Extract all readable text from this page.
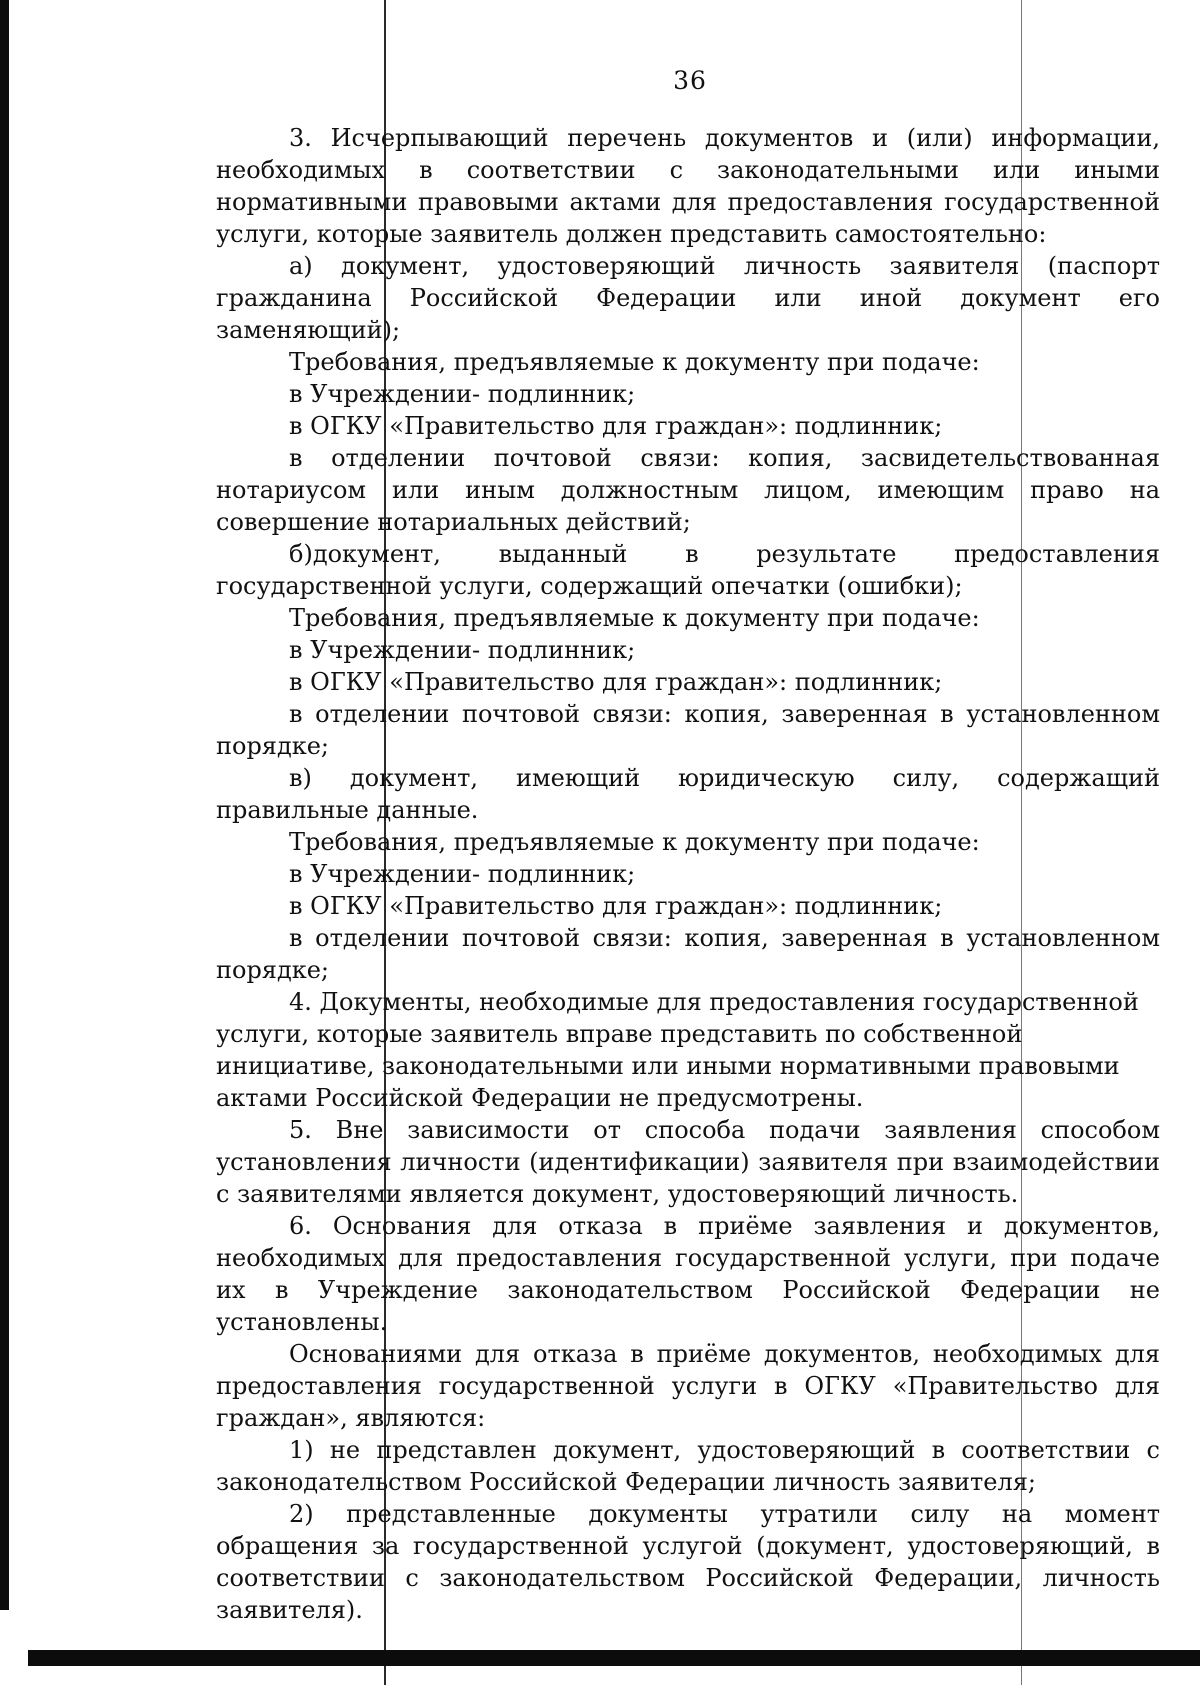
36

3. Исчерпывающий перечень документов и (или) информации, необходимых в соответствии с законодательными или иными нормативными правовыми актами для предоставления государственной услуги, которые заявитель должен представить самостоятельно:

а) документ, удостоверяющий личность заявителя (паспорт гражданина Российской Федерации или иной документ его заменяющий);

Требования, предъявляемые к документу при подаче:

в Учреждении- подлинник;

в ОГКУ «Правительство для граждан»: подлинник;

в отделении почтовой связи: копия, засвидетельствованная нотариусом или иным должностным лицом, имеющим право на совершение нотариальных действий;

б)документ, выданный в результате предоставления государственной услуги, содержащий опечатки (ошибки);

Требования, предъявляемые к документу при подаче:

в Учреждении- подлинник;

в ОГКУ «Правительство для граждан»: подлинник;

в отделении почтовой связи: копия, заверенная в установленном порядке;

в) документ, имеющий юридическую силу, содержащий правильные данные.

Требования, предъявляемые к документу при подаче:

в Учреждении- подлинник;

в ОГКУ «Правительство для граждан»: подлинник;

в отделении почтовой связи: копия, заверенная в установленном порядке;

4. Документы, необходимые для предоставления государственной услуги, которые заявитель вправе представить по собственной инициативе, законодательными или иными нормативными правовыми актами Российской Федерации не предусмотрены.

5. Вне зависимости от способа подачи заявления способом установления личности (идентификации) заявителя при взаимодействии с заявителями является документ, удостоверяющий личность.

6. Основания для отказа в приёме заявления и документов, необходимых для предоставления государственной услуги, при подаче их в Учреждение законодательством Российской Федерации не установлены.

Основаниями для отказа в приёме документов, необходимых для предоставления государственной услуги в ОГКУ «Правительство для граждан», являются:

1) не представлен документ, удостоверяющий в соответствии с законодательством Российской Федерации личность заявителя;

2) представленные документы утратили силу на момент обращения за государственной услугой (документ, удостоверяющий, в соответствии с законодательством Российской Федерации, личность заявителя).
